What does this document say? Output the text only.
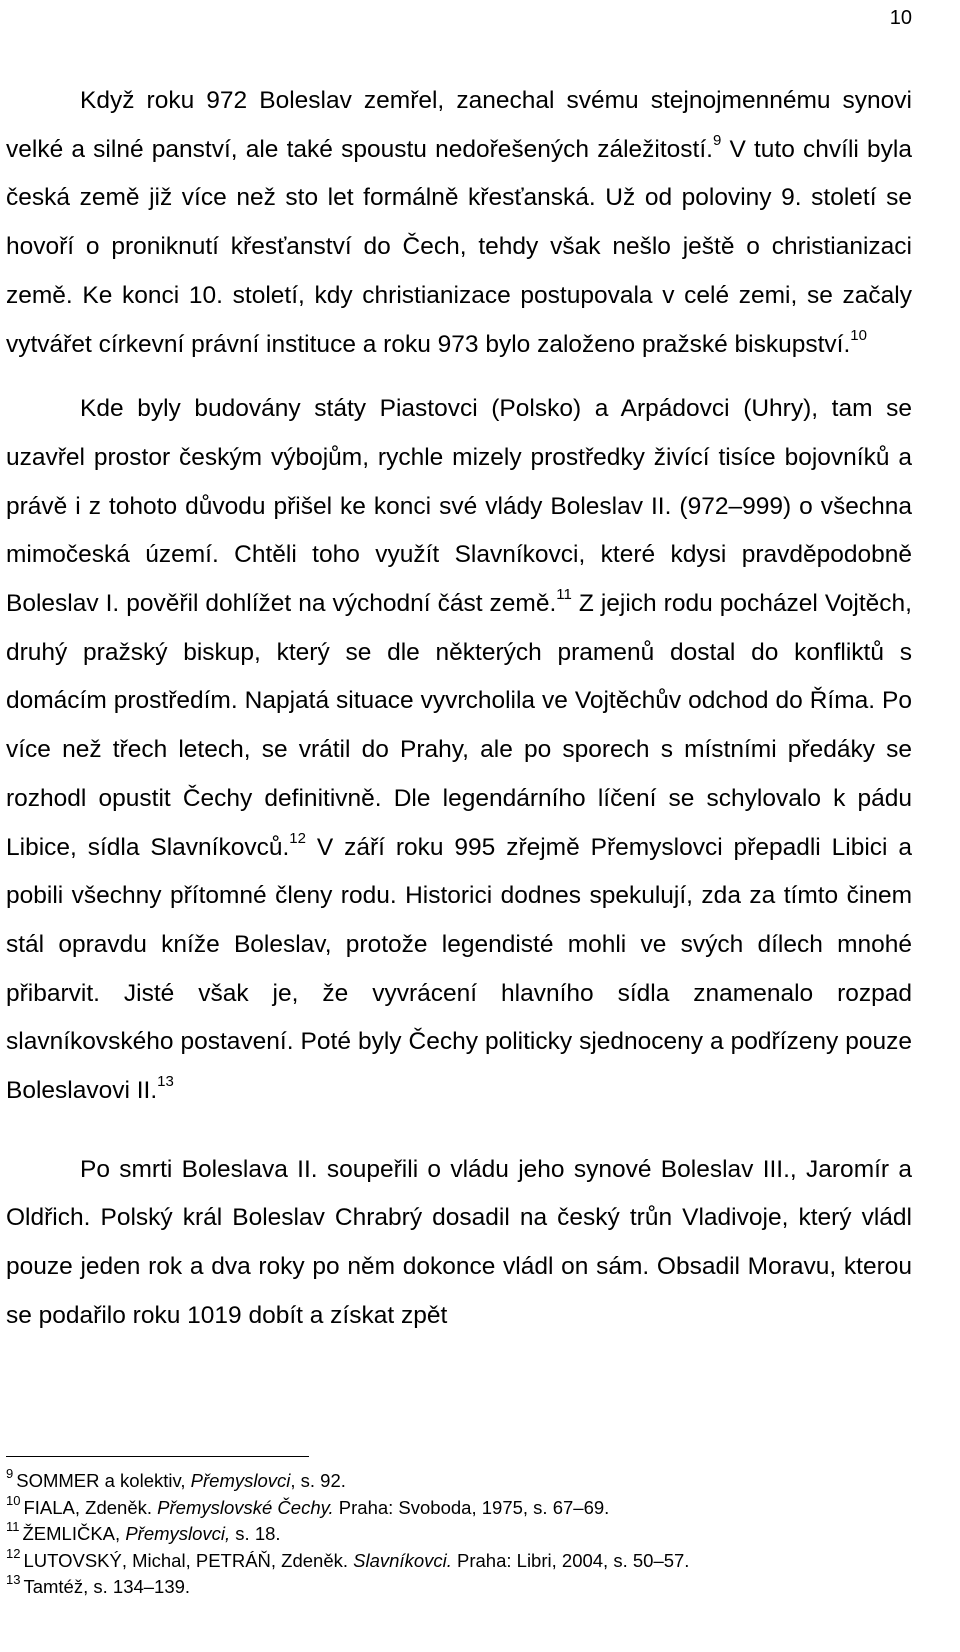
10

Když roku 972 Boleslav zemřel, zanechal svému stejnojmennému synovi velké a silné panství, ale také spoustu nedořešených záležitostí.$^9$ V tuto chvíli byla česká země již více než sto let formálně křesťanská. Už od poloviny 9. století se hovoří o proniknutí křesťanství do Čech, tehdy však nešlo ještě o christianizaci země. Ke konci 10. století, kdy christianizace postupovala v celé zemi, se začaly vytvářet církevní právní instituce a roku 973 bylo založeno pražské biskupství.$^{10}$

Kde byly budovány státy Piastovci (Polsko) a Arpádovci (Uhry), tam se uzavřel prostor českým výbojům, rychle mizely prostředky živící tisíce bojovníků a právě i z tohoto důvodu přišel ke konci své vlády Boleslav II. (972–999) o všechna mimočeská území. Chtěli toho využít Slavníkovci, které kdysi pravděpodobně Boleslav I. pověřil dohlížet na východní část země.$^{11}$ Z jejich rodu pocházel Vojtěch, druhý pražský biskup, který se dle některých pramenů dostal do konfliktů s domácím prostředím. Napjatá situace vyvrcholila ve Vojtěchův odchod do Říma. Po více než třech letech, se vrátil do Prahy, ale po sporech s místními předáky se rozhodl opustit Čechy definitivně. Dle legendárního líčení se schylovalo k pádu Libice, sídla Slavníkovců.$^{12}$ V září roku 995 zřejmě Přemyslovci přepadli Libici a pobili všechny přítomné členy rodu. Historici dodnes spekulují, zda za tímto činem stál opravdu kníže Boleslav, protože legendisté mohli ve svých dílech mnohé přibarvit. Jisté však je, že vyvrácení hlavního sídla znamenalo rozpad slavníkovského postavení. Poté byly Čechy politicky sjednoceny a podřízeny pouze Boleslavovi II.$^{13}$

Po smrti Boleslava II. soupeřili o vládu jeho synové Boleslav III., Jaromír a Oldřich. Polský král Boleslav Chrabrý dosadil na český trůn Vladivoje, který vládl pouze jeden rok a dva roky po něm dokonce vládl on sám. Obsadil Moravu, kterou se podařilo roku 1019 dobít a získat zpět

$^9$ SOMMER a kolektiv, Přemyslovci, s. 92.
$^{10}$ FIALA, Zdeněk. Přemyslovské Čechy. Praha: Svoboda, 1975, s. 67–69.
$^{11}$ ŽEMLIČKA, Přemyslovci, s. 18.
$^{12}$ LUTOVSKÝ, Michal, PETRÁŇ, Zdeněk. Slavníkovci. Praha: Libri, 2004, s. 50–57.
$^{13}$ Tamtéž, s. 134–139.
